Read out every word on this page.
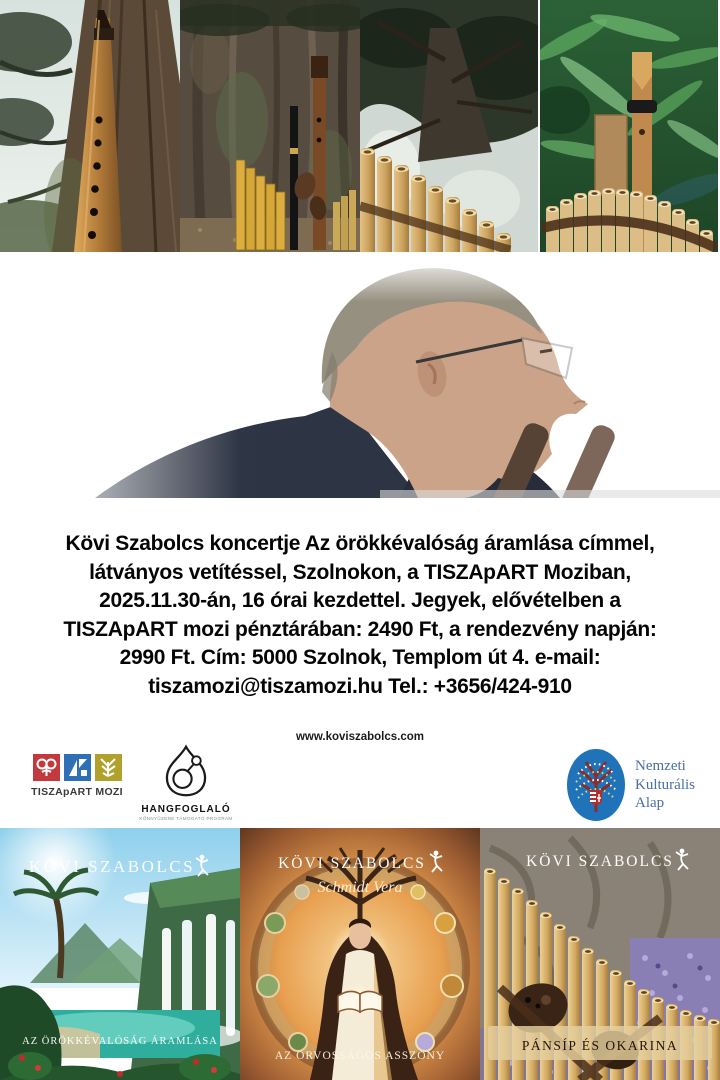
Kövi Szabolcs koncertje Az örökkévalóság áramlása címmel,
látványos vetítéssel, Szolnokon, a TISZApART Moziban,
2025.11.30-án, 16 órai kezdettel. Jegyek, elővételben a
TISZApART mozi pénztárában: 2490 Ft, a rendezvény napján:
2990 Ft. Cím: 5000 Szolnok, Templom út 4. e-mail:
tiszamozi@tiszamozi.hu Tel.: +3656/424-910
www.koviszabolcs.com
TISZApART MOZI
HANGFOGLALÓ
KÖNNYŰZENE TÁMOGATÓ PROGRAM
Nemzeti
Kulturális
Alap
KÖVI SZABOLCS
AZ ÖRÖKKÉVALÓSÁG ÁRAMLÁSA
KÖVI SZABOLCS
Schmidt Vera
AZ ORVOSSÁGOS ASSZONY
KÖVI SZABOLCS
PÁNSÍP ÉS OKARINA
